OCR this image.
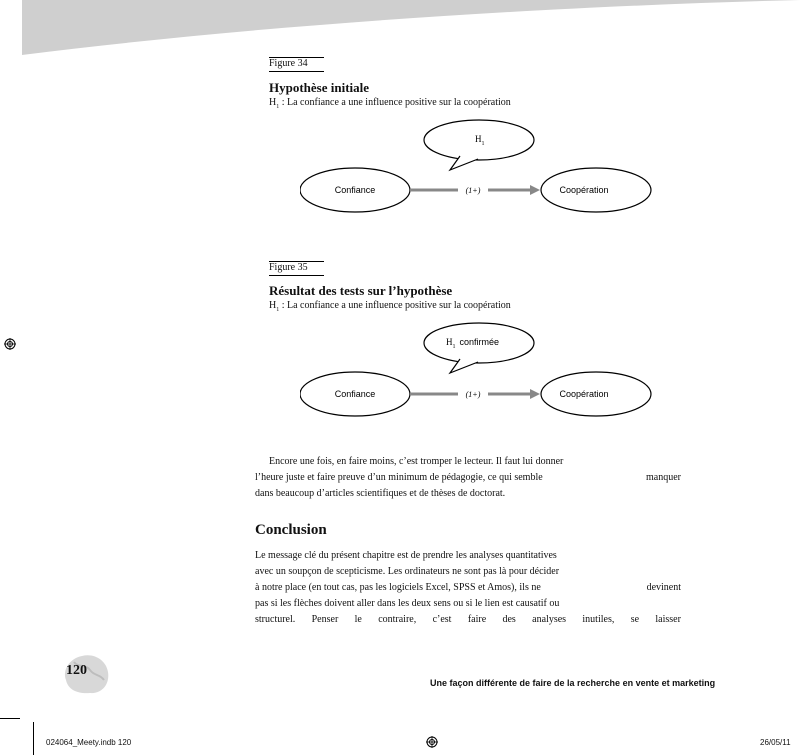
Figure 34
Hypothèse initiale
$H_1$ : La confiance a une influence positive sur la coopération
$H_1$
Confiance	Coopération
(1+)
Figure 35
Résultat des tests sur l’hypothèse
$H_1$ : La confiance a une influence positive sur la coopération
$H_1$ confirmée
Confiance	Coopération
(1+)
Encore une fois, en faire moins, c’est tromper le lecteur. Il faut lui donner
l’heure juste et faire preuve d’un minimum de pédagogie, ce qui semble	manquer
dans beaucoup d’articles scientifiques et de thèses de doctorat.
Conclusion
Le message clé du présent chapitre est de prendre les analyses quantitatives
avec un soupçon de scepticisme. Les ordinateurs ne sont pas là pour décider
à notre place (en tout cas, pas les logiciels Excel, SPSS et Amos), ils ne	devinent
pas si les flèches doivent aller dans les deux sens ou si le lien est causatif ou
structurel. Penser le contraire, c’est faire des analyses inutiles, se laisser
120
Une façon différente de faire de la recherche en vente et marketing
024064_Meety.indb 120	26/05/11
